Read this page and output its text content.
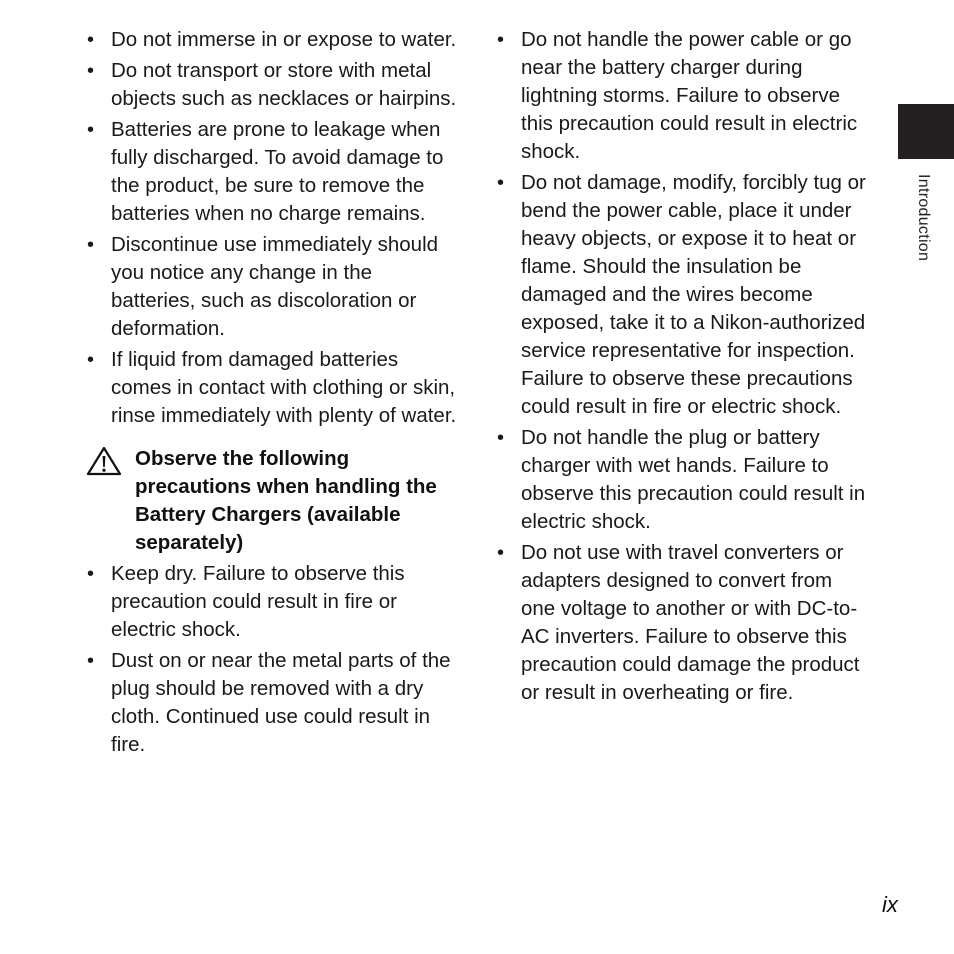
• Do not immerse in or expose to water.
• Do not transport or store with metal objects such as necklaces or hairpins.
• Batteries are prone to leakage when fully discharged. To avoid damage to the product, be sure to remove the batteries when no charge remains.
• Discontinue use immediately should you notice any change in the batteries, such as discoloration or deformation.
• If liquid from damaged batteries comes in contact with clothing or skin, rinse immediately with plenty of water.
Observe the following precautions when handling the Battery Chargers (available separately)
• Keep dry. Failure to observe this precaution could result in fire or electric shock.
• Dust on or near the metal parts of the plug should be removed with a dry cloth. Continued use could result in fire.
• Do not handle the power cable or go near the battery charger during lightning storms. Failure to observe this precaution could result in electric shock.
• Do not damage, modify, forcibly tug or bend the power cable, place it under heavy objects, or expose it to heat or flame. Should the insulation be damaged and the wires become exposed, take it to a Nikon-authorized service representative for inspection. Failure to observe these precautions could result in fire or electric shock.
• Do not handle the plug or battery charger with wet hands. Failure to observe this precaution could result in electric shock.
• Do not use with travel converters or adapters designed to convert from one voltage to another or with DC-to-AC inverters. Failure to observe this precaution could damage the product or result in overheating or fire.
Introduction
ix
